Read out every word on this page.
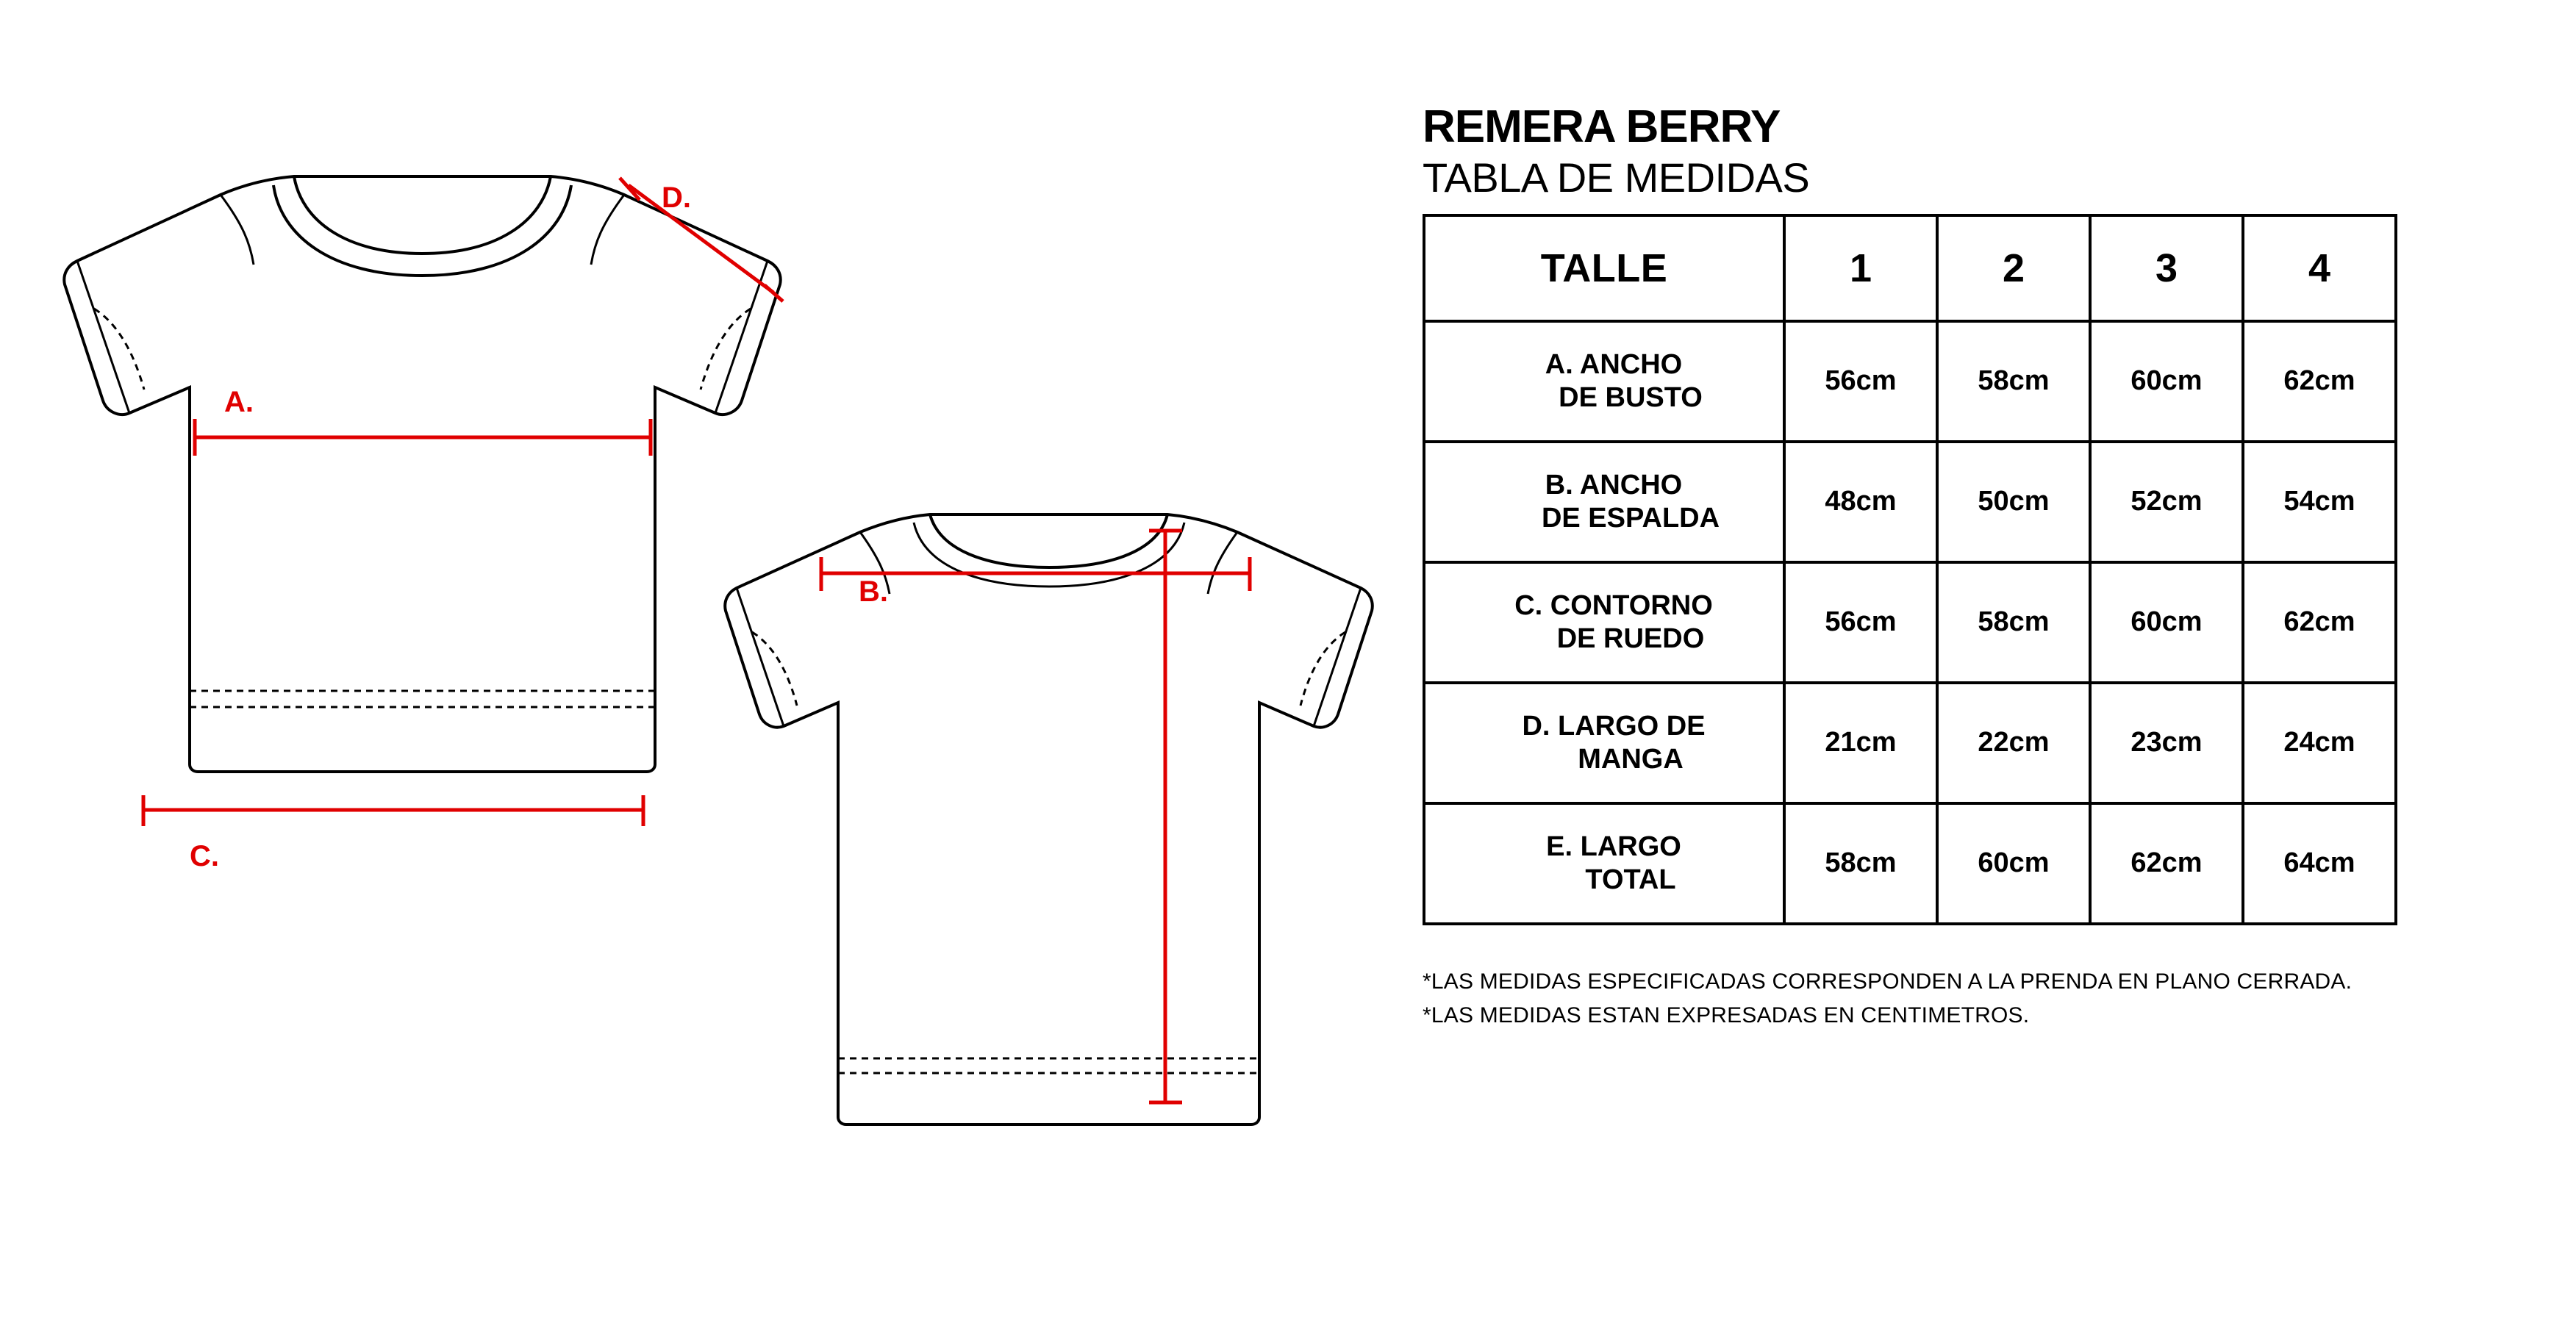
A.
C.
D.
B.
REMERA BERRY
TABLA DE MEDIDAS
TALLE	1	2	3	4

A. ANCHO
DE BUSTO	56cm	58cm	60cm	62cm

B. ANCHO
DE ESPALDA	48cm	50cm	52cm	54cm

C. CONTORNO
DE RUEDO	56cm	58cm	60cm	62cm

D. LARGO DE
MANGA	21cm	22cm	23cm	24cm

E. LARGO
TOTAL	58cm	60cm	62cm	64cm
*LAS MEDIDAS ESPECIFICADAS CORRESPONDEN A LA PRENDA EN PLANO CERRADA.
*LAS MEDIDAS ESTAN EXPRESADAS EN CENTIMETROS.
